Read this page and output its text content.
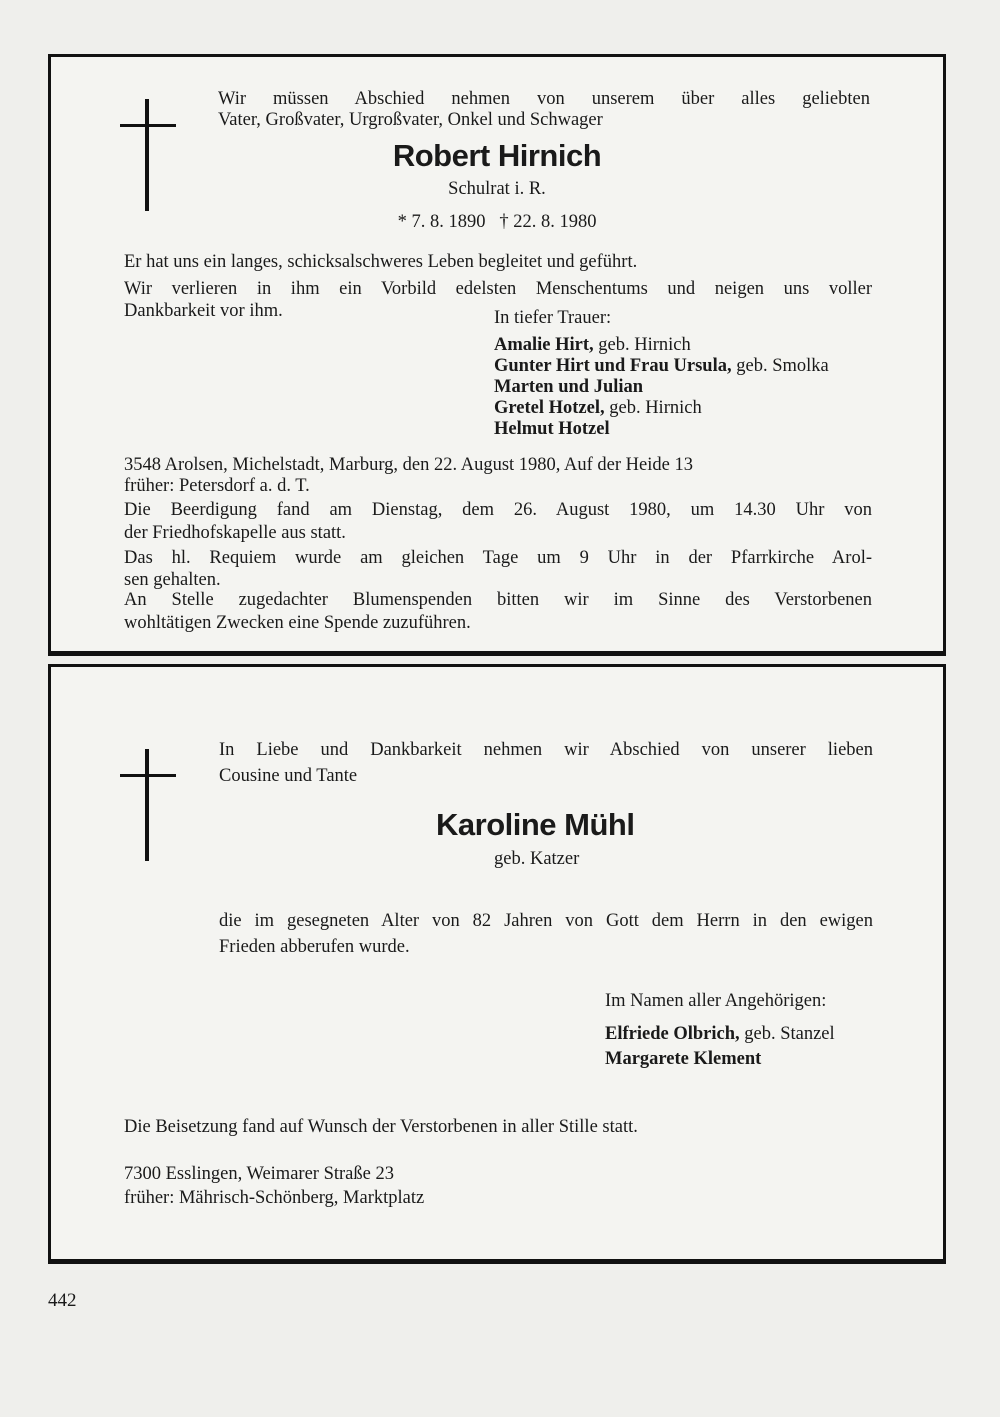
Wir müssen Abschied nehmen von unserem über alles geliebten

Vater, Großvater, Urgroßvater, Onkel und Schwager

Robert Hirnich

Schulrat i. R.

* 7. 8. 1890   † 22. 8. 1980

Er hat uns ein langes, schicksalschweres Leben begleitet und geführt.

Wir verlieren in ihm ein Vorbild edelsten Menschentums und neigen uns voller

Dankbarkeit vor ihm.	In tiefer Trauer:

Amalie Hirt, geb. Hirnich
Gunter Hirt und Frau Ursula, geb. Smolka
Marten und Julian
Gretel Hotzel, geb. Hirnich
Helmut Hotzel

3548 Arolsen, Michelstadt, Marburg, den 22. August 1980, Auf der Heide 13

früher: Petersdorf a. d. T.

Die Beerdigung fand am Dienstag, dem 26. August 1980, um 14.30 Uhr von

der Friedhofskapelle aus statt.

Das hl. Requiem wurde am gleichen Tage um 9 Uhr in der Pfarrkirche Arol-

sen gehalten.

An Stelle zugedachter Blumenspenden bitten wir im Sinne des Verstorbenen

wohltätigen Zwecken eine Spende zuzuführen.

In Liebe und Dankbarkeit nehmen wir Abschied von unserer lieben

Cousine und Tante

Karoline Mühl

geb. Katzer

die im gesegneten Alter von 82 Jahren von Gott dem Herrn in den ewigen

Frieden abberufen wurde.

Im Namen aller Angehörigen:

Elfriede Olbrich, geb. Stanzel
Margarete Klement

Die Beisetzung fand auf Wunsch der Verstorbenen in aller Stille statt.

7300 Esslingen, Weimarer Straße 23

früher: Mährisch-Schönberg, Marktplatz

442
